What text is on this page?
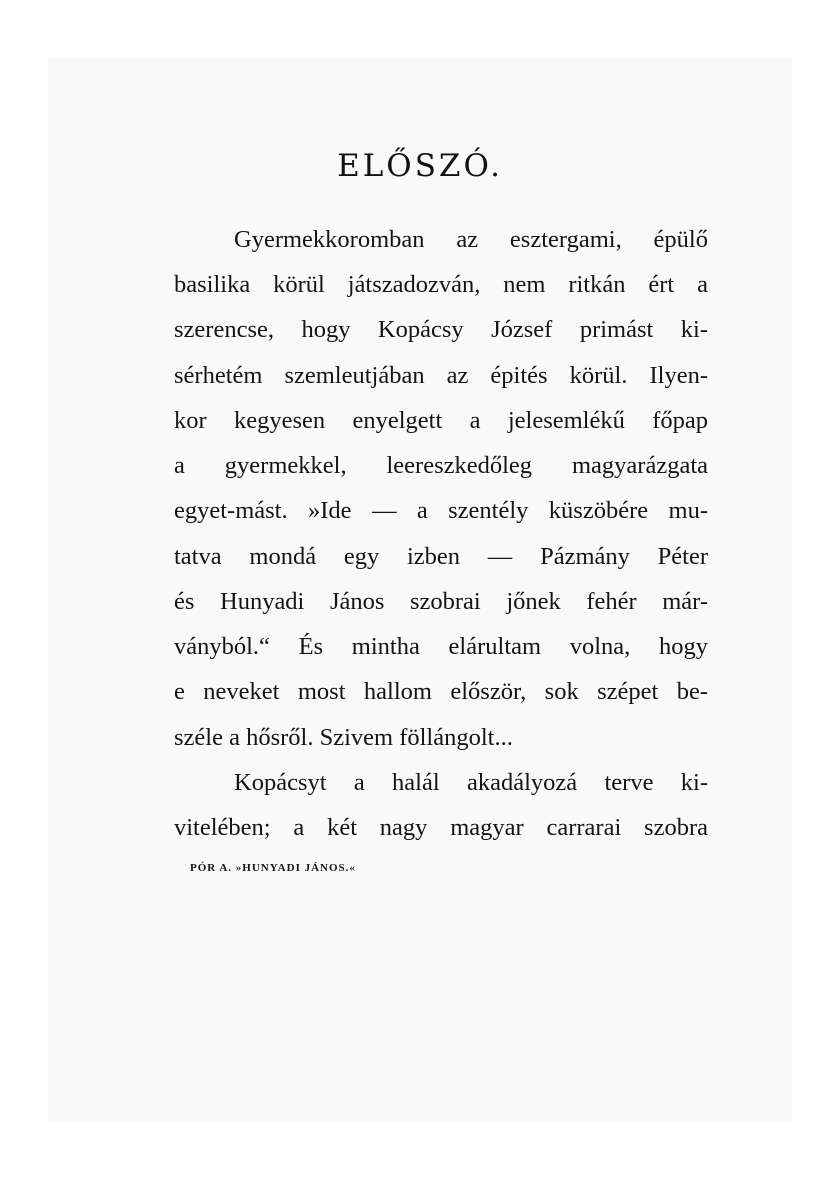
ELŐSZÓ.
Gyermekkoromban az esztergami, épülő
basilika körül játszadozván, nem ritkán ért a
szerencse, hogy Kopácsy József primást ki-
sérhetém szemleutjában az épités körül. Ilyen-
kor kegyesen enyelgett a jelesemlékű főpap
a gyermekkel, leereszkedőleg magyarázgata
egyet-mást. »Ide — a szentély küszöbére mu-
tatva mondá egy izben — Pázmány Péter
és Hunyadi János szobrai jőnek fehér már-
ványból.“ És mintha elárultam volna, hogy
e neveket most hallom először, sok szépet be-
széle a hősről. Szivem föllángolt...
Kopácsyt a halál akadályozá terve ki-
vitelében; a két nagy magyar carrarai szobra
PÓR A. »HUNYADI JÁNOS.«
